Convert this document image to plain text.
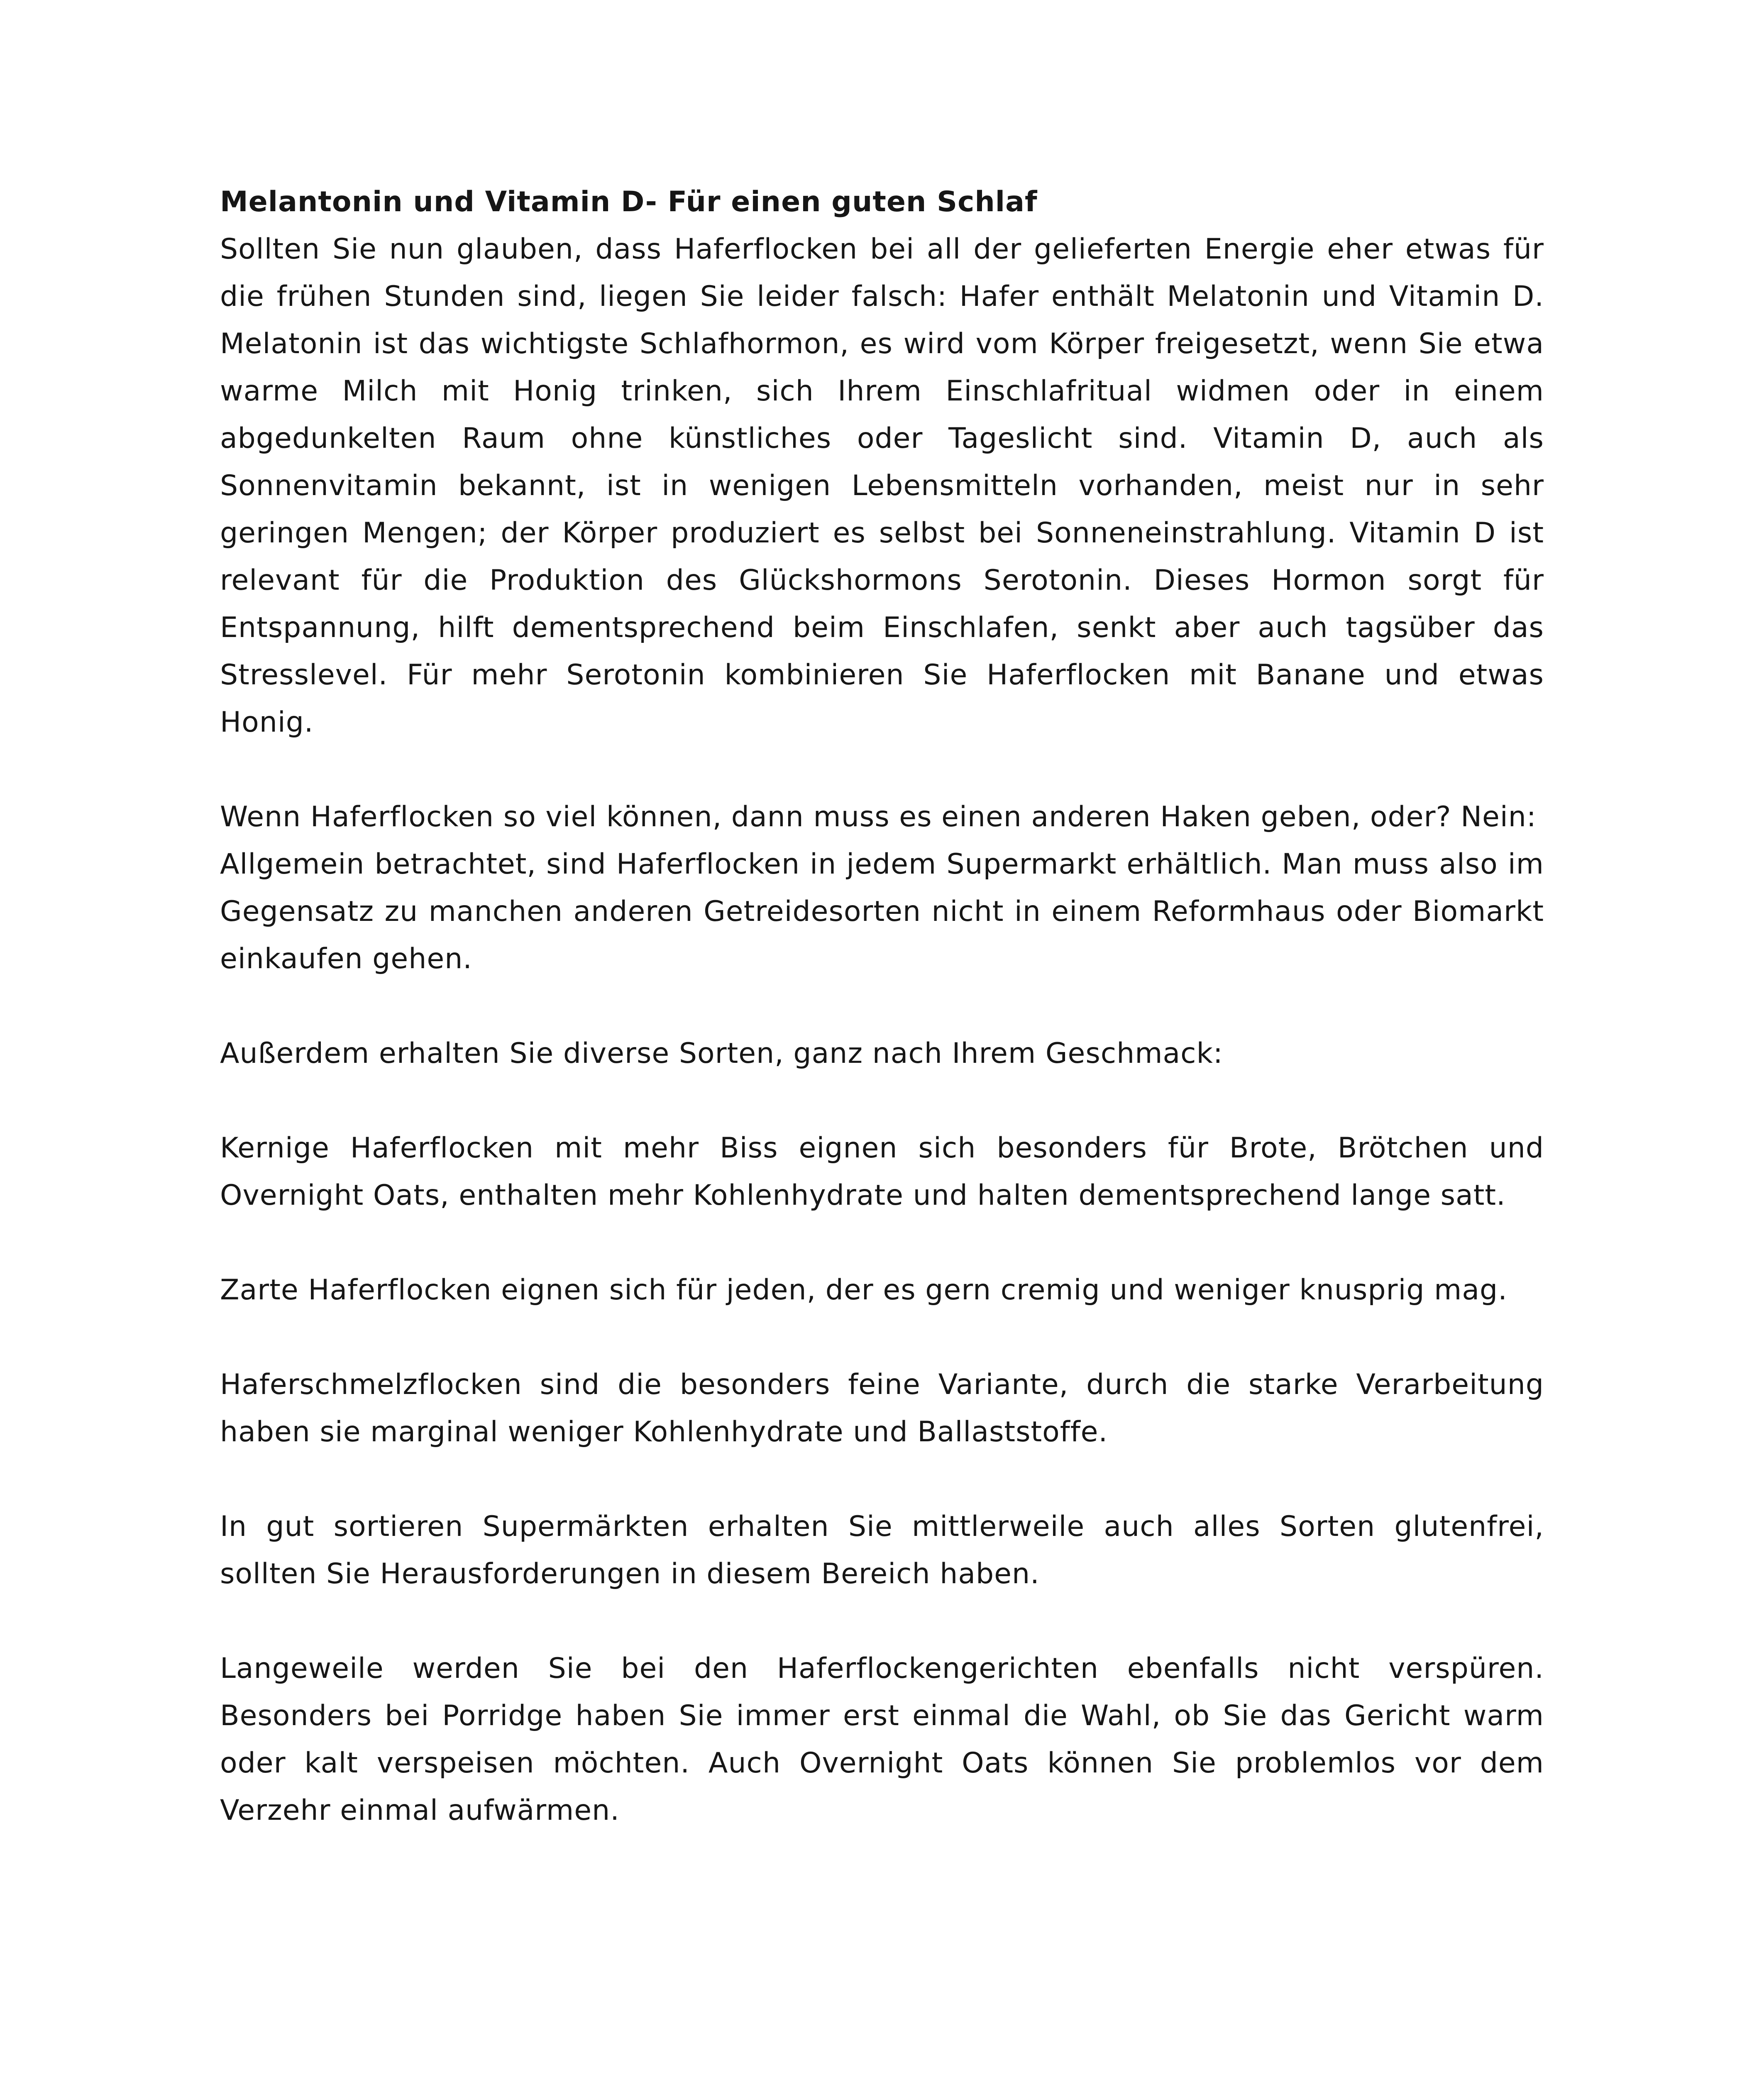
Melantonin und Vitamin D- Für einen guten Schlaf

Sollten Sie nun glauben, dass Haferflocken bei all der gelieferten Energie eher etwas für die frühen Stunden sind, liegen Sie leider falsch: Hafer enthält Melatonin und Vitamin D. Melatonin ist das wichtigste Schlafhormon, es wird vom Körper freigesetzt, wenn Sie etwa warme Milch mit Honig trinken, sich Ihrem Einschlafritual widmen oder in einem abgedunkelten Raum ohne künstliches oder Tageslicht sind. Vitamin D, auch als Sonnenvitamin bekannt, ist in wenigen Lebensmitteln vorhanden, meist nur in sehr geringen Mengen; der Körper produziert es selbst bei Sonneneinstrahlung. Vitamin D ist relevant für die Produktion des Glückshormons Serotonin. Dieses Hormon sorgt für Entspannung, hilft dementsprechend beim Einschlafen, senkt aber auch tagsüber das Stresslevel. Für mehr Serotonin kombinieren Sie Haferflocken mit Banane und etwas Honig.

Wenn Haferflocken so viel können, dann muss es einen anderen Haken geben, oder? Nein:

Allgemein betrachtet, sind Haferflocken in jedem Supermarkt erhältlich. Man muss also im Gegensatz zu manchen anderen Getreidesorten nicht in einem Reformhaus oder Biomarkt einkaufen gehen.

Außerdem erhalten Sie diverse Sorten, ganz nach Ihrem Geschmack:

Kernige Haferflocken mit mehr Biss eignen sich besonders für Brote, Brötchen und Overnight Oats, enthalten mehr Kohlenhydrate und halten dementsprechend lange satt.

Zarte Haferflocken eignen sich für jeden, der es gern cremig und weniger knusprig mag.

Haferschmelzflocken sind die besonders feine Variante, durch die starke Verarbeitung haben sie marginal weniger Kohlenhydrate und Ballaststoffe.

In gut sortieren Supermärkten erhalten Sie mittlerweile auch alles Sorten glutenfrei, sollten Sie Herausforderungen in diesem Bereich haben.

Langeweile werden Sie bei den Haferflockengerichten ebenfalls nicht verspüren. Besonders bei Porridge haben Sie immer erst einmal die Wahl, ob Sie das Gericht warm oder kalt verspeisen möchten. Auch Overnight Oats können Sie problemlos vor dem Verzehr einmal aufwärmen.
